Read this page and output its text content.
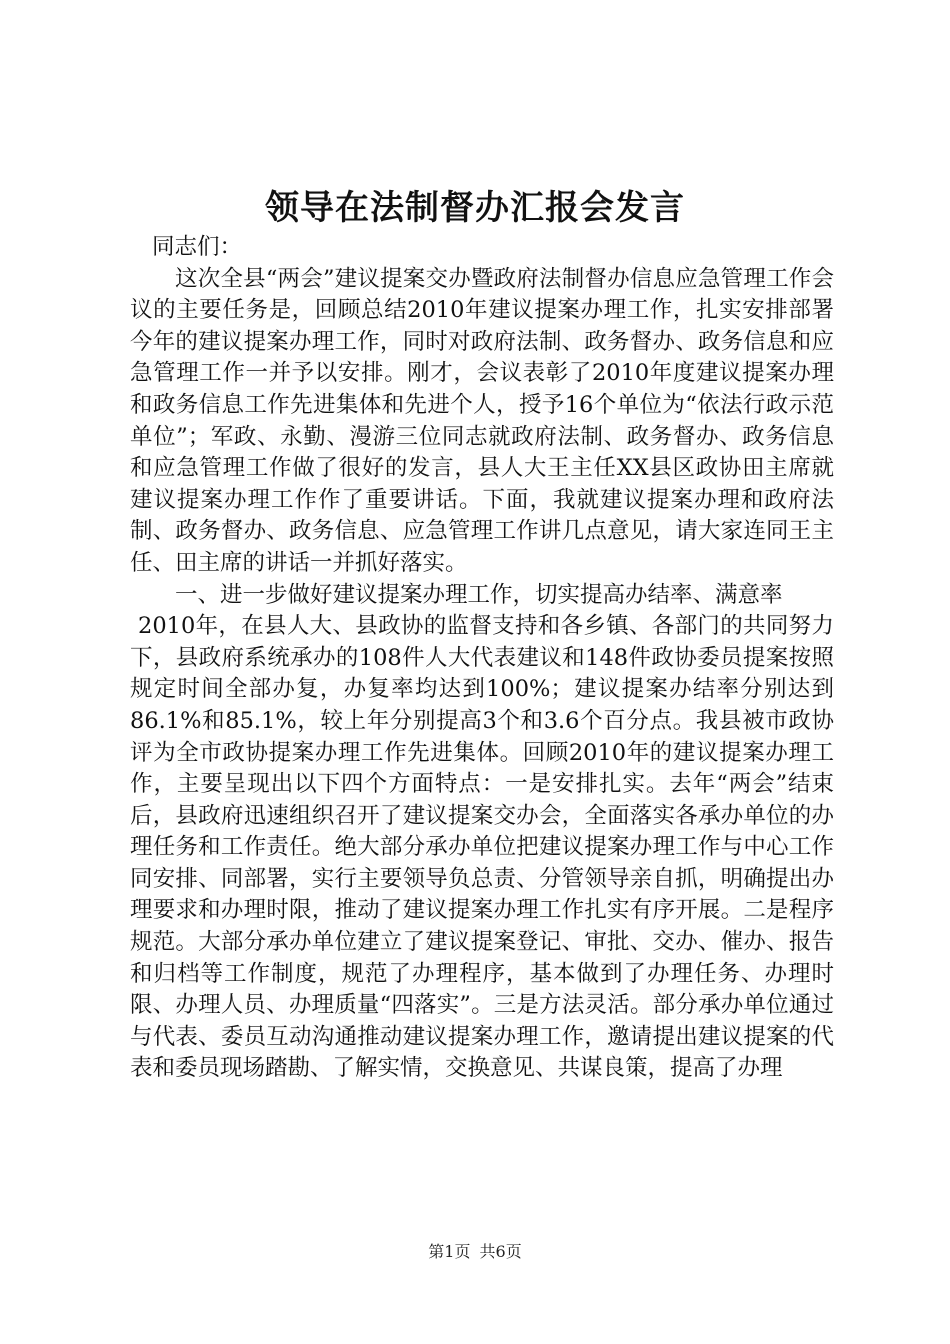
领导在法制督办汇报会发言

同志们：

这次全县“两会”建议提案交办暨政府法制督办信息应急管理工作会议的主要任务是，回顾总结2010年建议提案办理工作，扎实安排部署今年的建议提案办理工作，同时对政府法制、政务督办、政务信息和应急管理工作一并予以安排。刚才，会议表彰了2010年度建议提案办理和政务信息工作先进集体和先进个人，授予16个单位为“依法行政示范单位”；军政、永勤、漫游三位同志就政府法制、政务督办、政务信息和应急管理工作做了很好的发言，县人大王主任XX县区政协田主席就建议提案办理工作作了重要讲话。下面，我就建议提案办理和政府法制、政务督办、政务信息、应急管理工作讲几点意见，请大家连同王主任、田主席的讲话一并抓好落实。

一、进一步做好建议提案办理工作，切实提高办结率、满意率

2010年，在县人大、县政协的监督支持和各乡镇、各部门的共同努力下，县政府系统承办的108件人大代表建议和148件政协委员提案按照规定时间全部办复，办复率均达到100%；建议提案办结率分别达到86.1%和85.1%，较上年分别提高3个和3.6个百分点。我县被市政协评为全市政协提案办理工作先进集体。回顾2010年的建议提案办理工作，主要呈现出以下四个方面特点：一是安排扎实。去年“两会”结束后，县政府迅速组织召开了建议提案交办会，全面落实各承办单位的办理任务和工作责任。绝大部分承办单位把建议提案办理工作与中心工作同安排、同部署，实行主要领导负总责、分管领导亲自抓，明确提出办理要求和办理时限，推动了建议提案办理工作扎实有序开展。二是程序规范。大部分承办单位建立了建议提案登记、审批、交办、催办、报告和归档等工作制度，规范了办理程序，基本做到了办理任务、办理时限、办理人员、办理质量“四落实”。三是方法灵活。部分承办单位通过与代表、委员互动沟通推动建议提案办理工作，邀请提出建议提案的代表和委员现场踏勘、了解实情，交换意见、共谋良策，提高了办理

第1页 共6页
